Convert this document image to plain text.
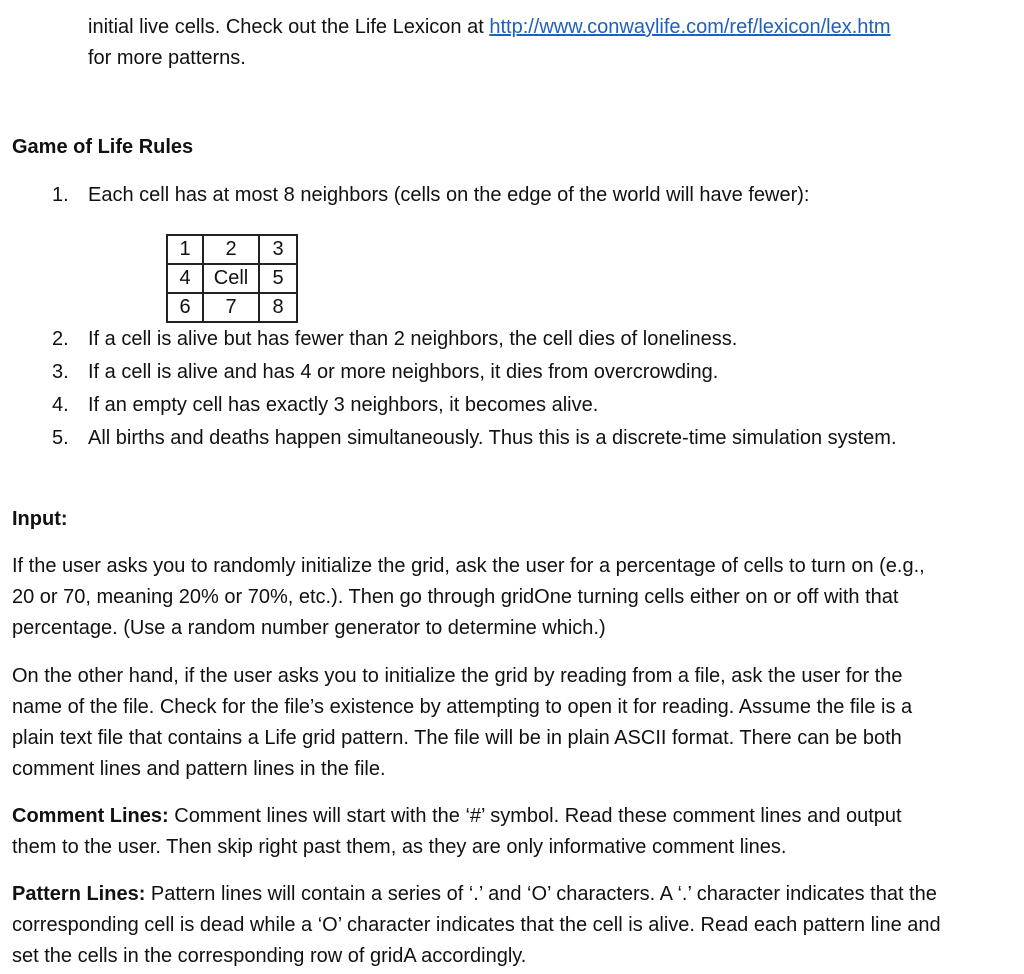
initial live cells. Check out the Life Lexicon at http://www.conwaylife.com/ref/lexicon/lex.htm
for more patterns.
Game of Life Rules
1. Each cell has at most 8 neighbors (cells on the edge of the world will have fewer):
1	2	3
4	Cell	5
6	7	8
2. If a cell is alive but has fewer than 2 neighbors, the cell dies of loneliness.
3. If a cell is alive and has 4 or more neighbors, it dies from overcrowding.
4. If an empty cell has exactly 3 neighbors, it becomes alive.
5. All births and deaths happen simultaneously. Thus this is a discrete-time simulation system.
Input:
If the user asks you to randomly initialize the grid, ask the user for a percentage of cells to turn on (e.g.,
20 or 70, meaning 20% or 70%, etc.). Then go through gridOne turning cells either on or off with that
percentage. (Use a random number generator to determine which.)
On the other hand, if the user asks you to initialize the grid by reading from a file, ask the user for the
name of the file. Check for the file’s existence by attempting to open it for reading. Assume the file is a
plain text file that contains a Life grid pattern. The file will be in plain ASCII format. There can be both
comment lines and pattern lines in the file.
Comment Lines: Comment lines will start with the ‘#’ symbol. Read these comment lines and output
them to the user. Then skip right past them, as they are only informative comment lines.
Pattern Lines: Pattern lines will contain a series of ‘.’ and ‘O’ characters. A ‘.’ character indicates that the
corresponding cell is dead while a ‘O’ character indicates that the cell is alive. Read each pattern line and
set the cells in the corresponding row of gridA accordingly.
